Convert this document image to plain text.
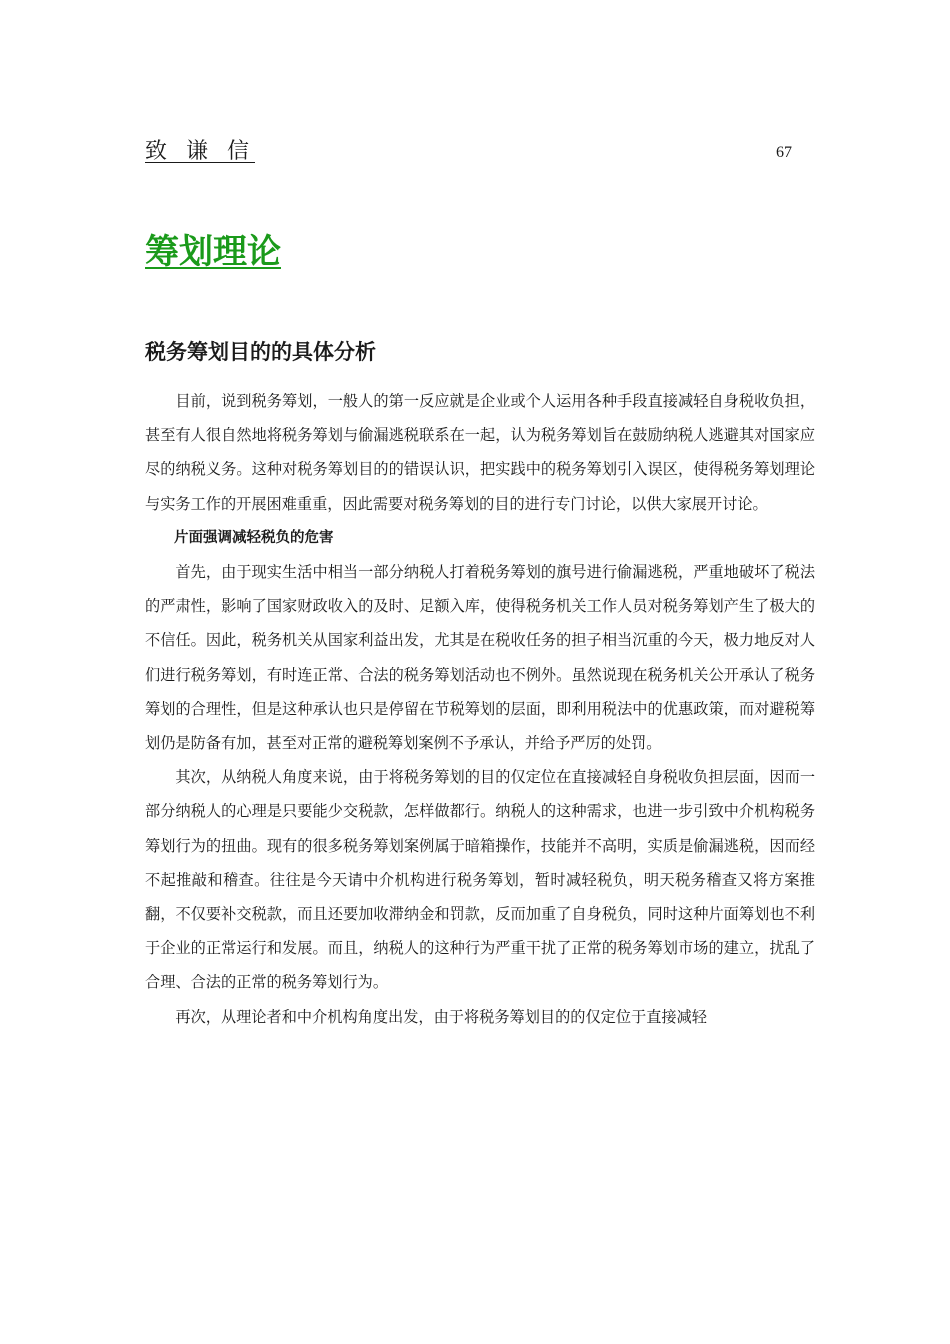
致 谦 信	67
筹划理论
税务筹划目的的具体分析

目前，说到税务筹划，一般人的第一反应就是企业或个人运用各种手段直接减轻自身税收负担，甚至有人很自然地将税务筹划与偷漏逃税联系在一起，认为税务筹划旨在鼓励纳税人逃避其对国家应尽的纳税义务。这种对税务筹划目的的错误认识，把实践中的税务筹划引入误区，使得税务筹划理论与实务工作的开展困难重重，因此需要对税务筹划的目的进行专门讨论，以供大家展开讨论。

片面强调减轻税负的危害

首先，由于现实生活中相当一部分纳税人打着税务筹划的旗号进行偷漏逃税，严重地破坏了税法的严肃性，影响了国家财政收入的及时、足额入库，使得税务机关工作人员对税务筹划产生了极大的不信任。因此，税务机关从国家利益出发，尤其是在税收任务的担子相当沉重的今天，极力地反对人们进行税务筹划，有时连正常、合法的税务筹划活动也不例外。虽然说现在税务机关公开承认了税务筹划的合理性，但是这种承认也只是停留在节税筹划的层面，即利用税法中的优惠政策，而对避税筹划仍是防备有加，甚至对正常的避税筹划案例不予承认，并给予严厉的处罚。

其次，从纳税人角度来说，由于将税务筹划的目的仅定位在直接减轻自身税收负担层面，因而一部分纳税人的心理是只要能少交税款，怎样做都行。纳税人的这种需求，也进一步引致中介机构税务筹划行为的扭曲。现有的很多税务筹划案例属于暗箱操作，技能并不高明，实质是偷漏逃税，因而经不起推敲和稽查。往往是今天请中介机构进行税务筹划，暂时减轻税负，明天税务稽查又将方案推翻，不仅要补交税款，而且还要加收滞纳金和罚款，反而加重了自身税负，同时这种片面筹划也不利于企业的正常运行和发展。而且，纳税人的这种行为严重干扰了正常的税务筹划市场的建立，扰乱了合理、合法的正常的税务筹划行为。

再次，从理论者和中介机构角度出发，由于将税务筹划目的的仅定位于直接减轻
